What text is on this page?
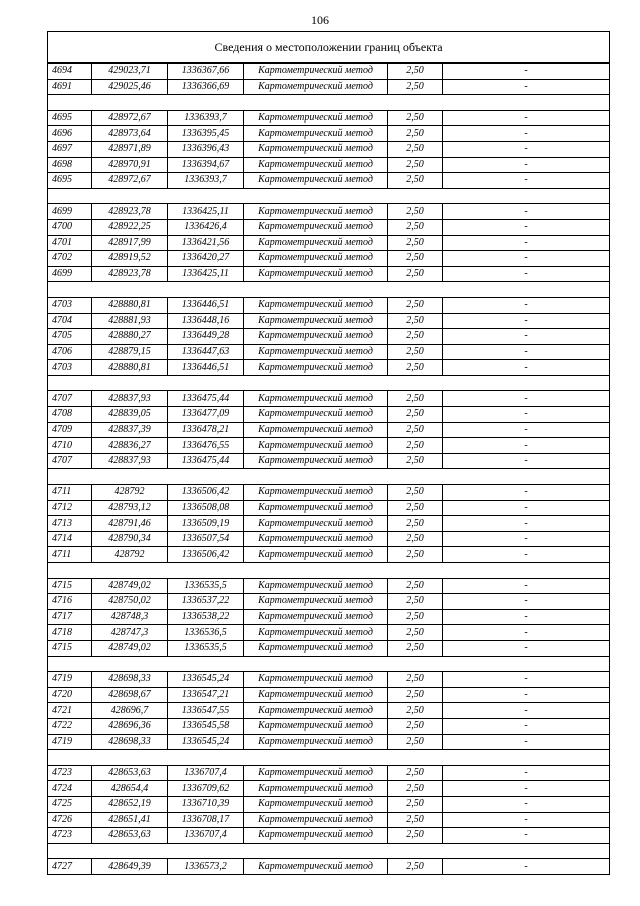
106
Сведения о местоположении границ объекта					
4694	429023,71	1336367,66	Картометрический метод	2,50	-
4691	429025,46	1336366,69	Картометрический метод	2,50	-

4695	428972,67	1336393,7	Картометрический метод	2,50	-
4696	428973,64	1336395,45	Картометрический метод	2,50	-
4697	428971,89	1336396,43	Картометрический метод	2,50	-
4698	428970,91	1336394,67	Картометрический метод	2,50	-
4695	428972,67	1336393,7	Картометрический метод	2,50	-

4699	428923,78	1336425,11	Картометрический метод	2,50	-
4700	428922,25	1336426,4	Картометрический метод	2,50	-
4701	428917,99	1336421,56	Картометрический метод	2,50	-
4702	428919,52	1336420,27	Картометрический метод	2,50	-
4699	428923,78	1336425,11	Картометрический метод	2,50	-

4703	428880,81	1336446,51	Картометрический метод	2,50	-
4704	428881,93	1336448,16	Картометрический метод	2,50	-
4705	428880,27	1336449,28	Картометрический метод	2,50	-
4706	428879,15	1336447,63	Картометрический метод	2,50	-
4703	428880,81	1336446,51	Картометрический метод	2,50	-

4707	428837,93	1336475,44	Картометрический метод	2,50	-
4708	428839,05	1336477,09	Картометрический метод	2,50	-
4709	428837,39	1336478,21	Картометрический метод	2,50	-
4710	428836,27	1336476,55	Картометрический метод	2,50	-
4707	428837,93	1336475,44	Картометрический метод	2,50	-

4711	428792	1336506,42	Картометрический метод	2,50	-
4712	428793,12	1336508,08	Картометрический метод	2,50	-
4713	428791,46	1336509,19	Картометрический метод	2,50	-
4714	428790,34	1336507,54	Картометрический метод	2,50	-
4711	428792	1336506,42	Картометрический метод	2,50	-

4715	428749,02	1336535,5	Картометрический метод	2,50	-
4716	428750,02	1336537,22	Картометрический метод	2,50	-
4717	428748,3	1336538,22	Картометрический метод	2,50	-
4718	428747,3	1336536,5	Картометрический метод	2,50	-
4715	428749,02	1336535,5	Картометрический метод	2,50	-

4719	428698,33	1336545,24	Картометрический метод	2,50	-
4720	428698,67	1336547,21	Картометрический метод	2,50	-
4721	428696,7	1336547,55	Картометрический метод	2,50	-
4722	428696,36	1336545,58	Картометрический метод	2,50	-
4719	428698,33	1336545,24	Картометрический метод	2,50	-

4723	428653,63	1336707,4	Картометрический метод	2,50	-
4724	428654,4	1336709,62	Картометрический метод	2,50	-
4725	428652,19	1336710,39	Картометрический метод	2,50	-
4726	428651,41	1336708,17	Картометрический метод	2,50	-
4723	428653,63	1336707,4	Картометрический метод	2,50	-

4727	428649,39	1336573,2	Картометрический метод	2,50	-
